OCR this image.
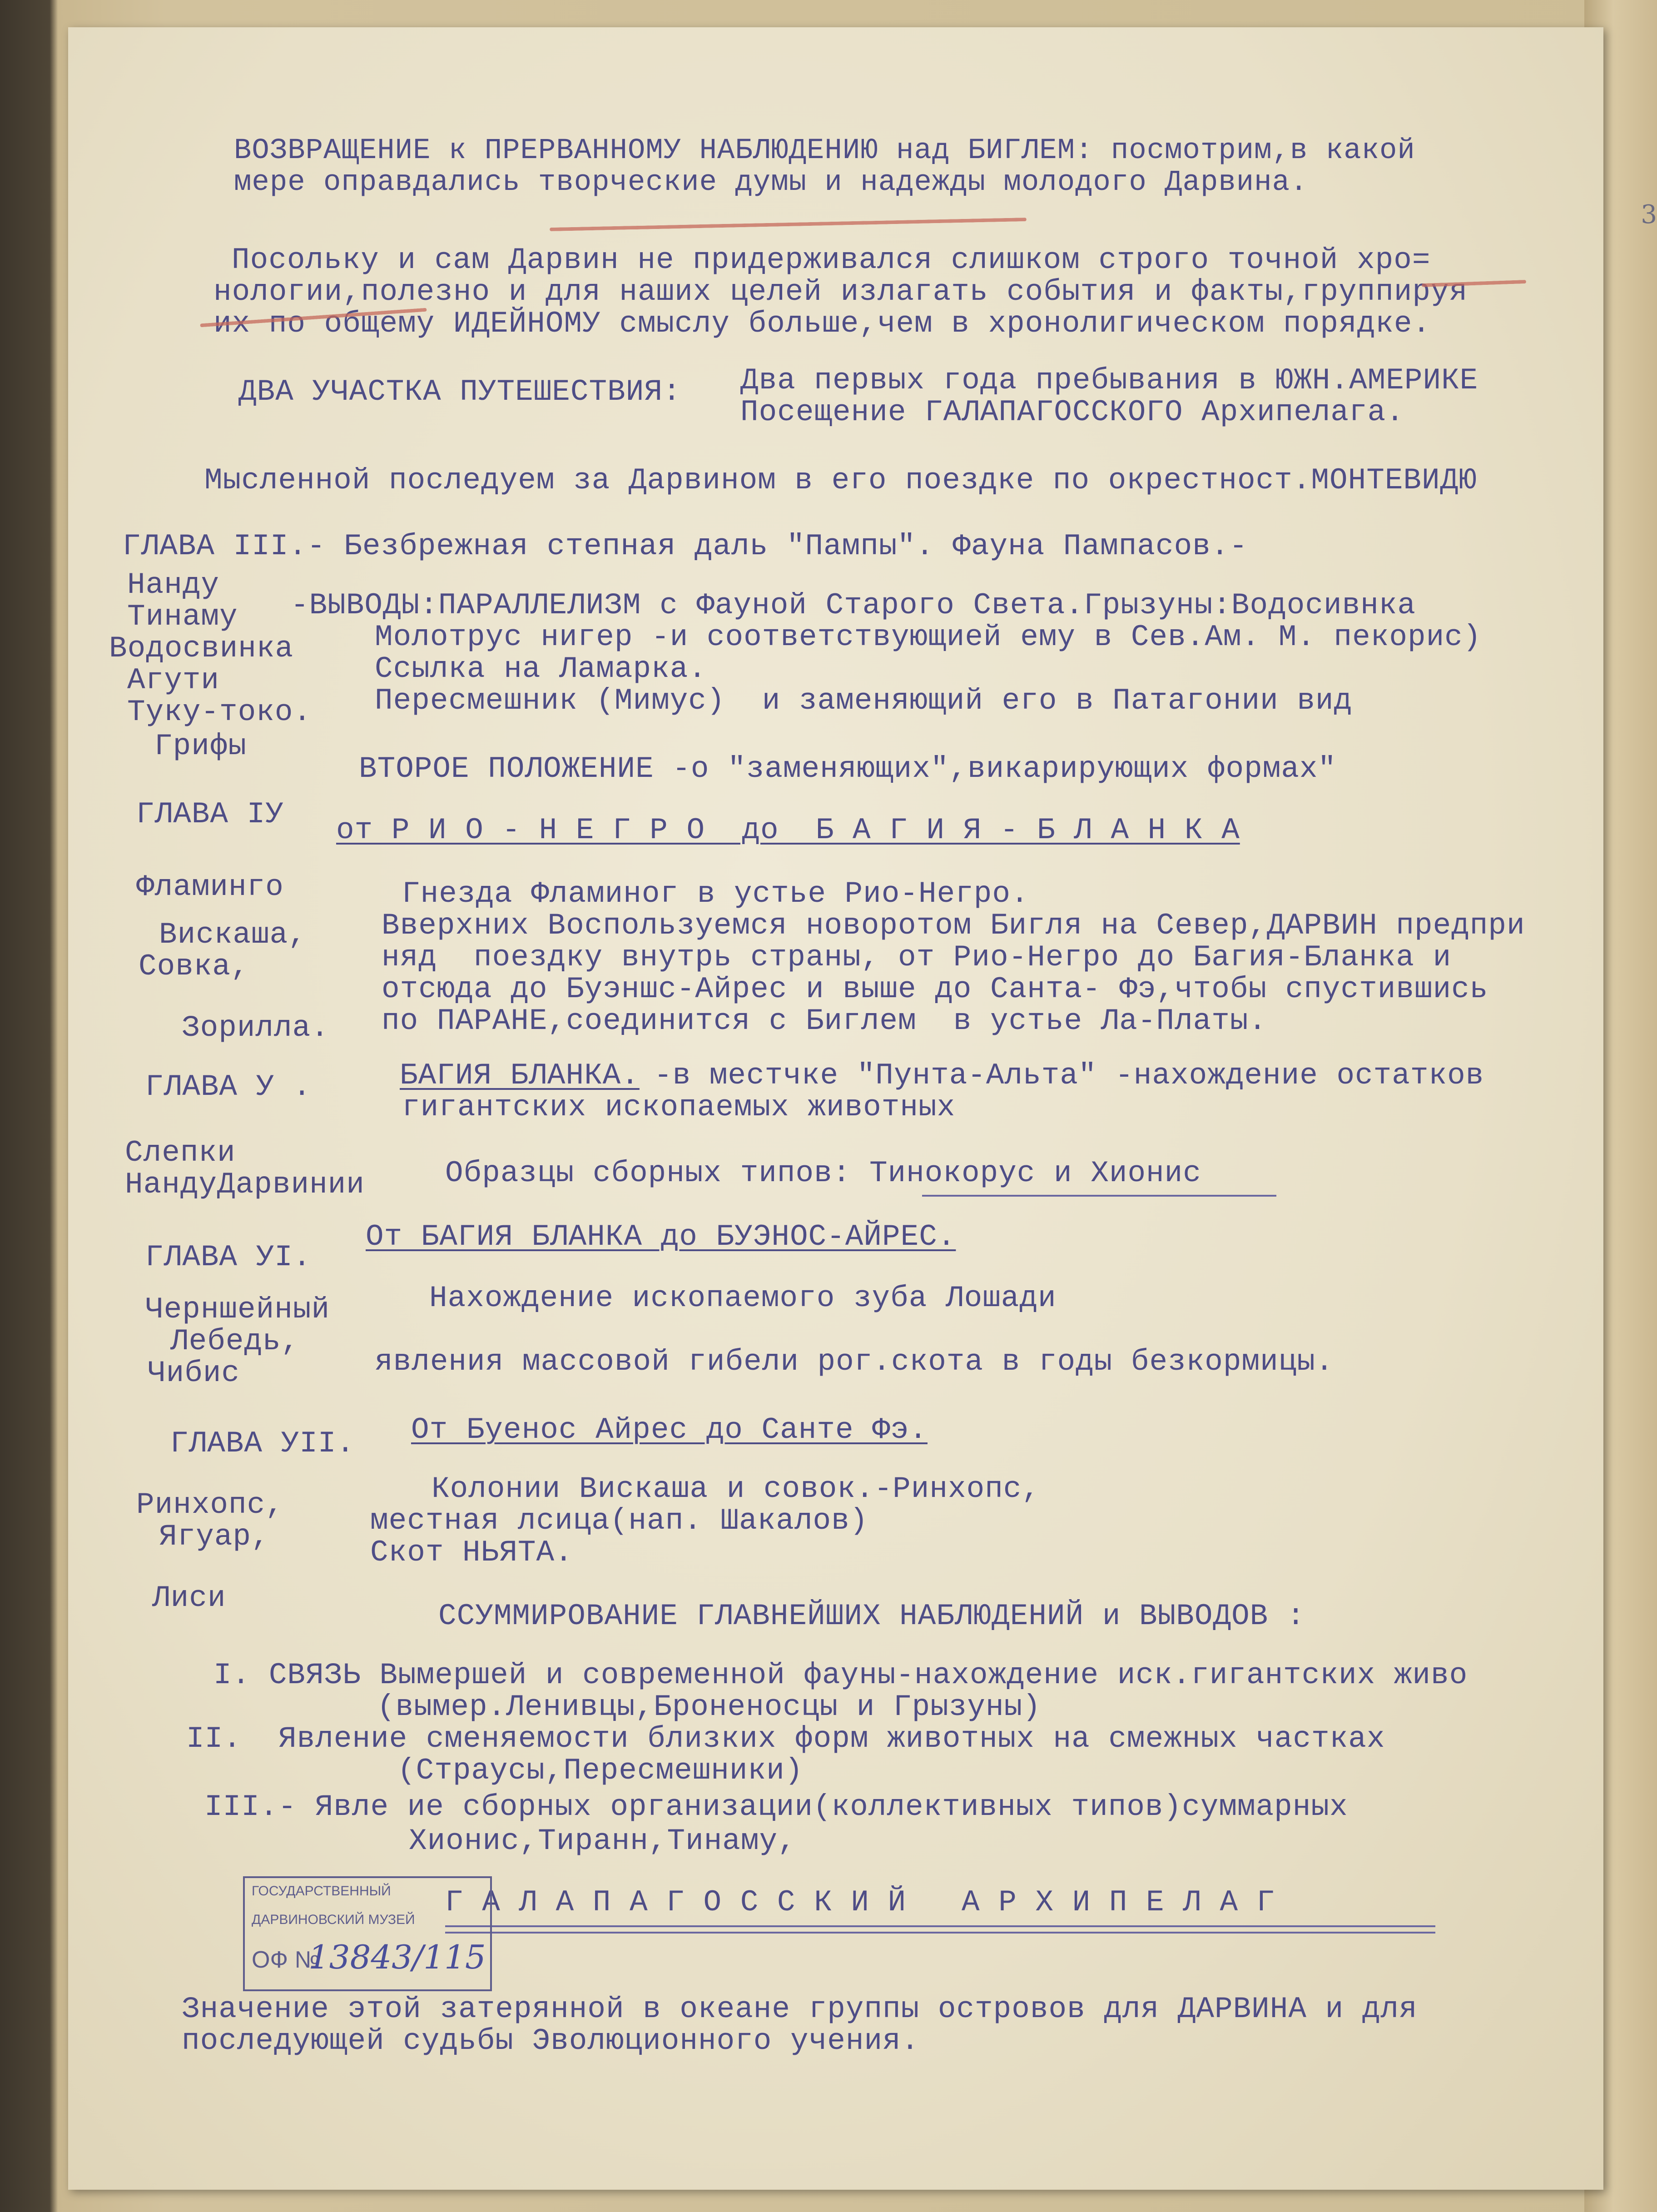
ВОЗВРАЩЕНИЕ к ПРЕРВАННОМУ НАБЛЮДЕНИЮ над БИГЛЕМ: посмотрим,в какой
мере оправдались творческие думы и надежды молодого Дарвина.
Посольку и сам Дарвин не придерживался слишком строго точной хро=
нологии,полезно и для наших целей излагать события и факты,группируя
их по общему ИДЕЙНОМУ смыслу больше,чем в хронолигическом порядке.
ДВА УЧАСТКА ПУТЕШЕСТВИЯ: Два первых года пребывания в ЮЖН.АМЕРИКЕ
Посещение ГАЛАПАГОССКОГО Архипелага.
Мысленной последуем за Дарвином в его поездке по окрестност.МОНТЕВИДЮ
ГЛАВА III.- Безбрежная степная даль "Пампы". Фауна Пампасов.-
Нанду
Тинаму
Водосвинка
Агути
Туку-токо.
Грифы
-ВЫВОДЫ:ПАРАЛЛЕЛИЗМ с Фауной Старого Света.Грызуны:Водосивнка
Молотрус нигер -и соответствующией ему в Сев.Ам. М. пекорис)
Ссылка на Ламарка.
Пересмешник (Мимус)  и заменяющий его в Патагонии вид
ВТОРОЕ ПОЛОЖЕНИЕ -о "заменяющих",викарирующих формах"
ГЛАВА IУ от Р И О - Н Е Г Р О  до  Б А Г И Я - Б Л А Н К А
Фламинго	Гнезда Фламиног в устье Рио-Негро.
Вискаша,	Вверхних Воспользуемся новоротом Бигля на Север,ДАРВИН предпри
Совка,	няд  поездку внутрь страны, от Рио-Негро до Багия-Бланка и
отсюда до Буэншс-Айрес и выше до Санта- Фэ,чтобы спустившись
Зорилла. по ПАРАНЕ,соединится с Биглем  в устье Ла-Платы.
ГЛАВА У .	БАГИЯ БЛАНКА. -в местчке "Пунта-Альта" -нахождение остатков
гигантских ископаемых животных
Слепки
НандуДарвинии	Образцы сборных типов: Тинокорус и Хионис
ГЛАВА УI.
От БАГИЯ БЛАНКА до БУЭНОС-АЙРЕС.
Черншейный	Нахождение ископаемого зуба Лошади
Лебедь,
Чибис	явления массовой гибели рог.скота в годы безкормицы.
ГЛАВА УII. От Буенос Айрес до Санте Фэ.
Ринхопс,	Колонии Вискаша и совок.-Ринхопс,
Ягуар,	местная лсица(нап. Шакалов)
Скот НЬЯТА.
Лиси
ССУММИРОВАНИЕ ГЛАВНЕЙШИХ НАБЛЮДЕНИЙ и ВЫВОДОВ :
I. СВЯЗЬ Вымершей и современной фауны-нахождение иск.гигантских живо
(вымер.Ленивцы,Броненосцы и Грызуны)
II.  Явление сменяемости близких форм животных на смежных частках
(Страусы,Пересмешники)
III.- Явле ие сборных организации(коллективных типов)суммарных
Хионис,Тиранн,Тинаму,
Г А Л А П А Г О С С К И Й   А Р Х И П Е Л А Г
Значение этой затерянной в океане группы островов для ДАРВИНА и для
последующей судьбы Эволюционного учения.
ГОСУДАРСТВЕННЫЙ
ДАРВИНОВСКИЙ МУЗЕЙ
ОФ №
13843/115
3
